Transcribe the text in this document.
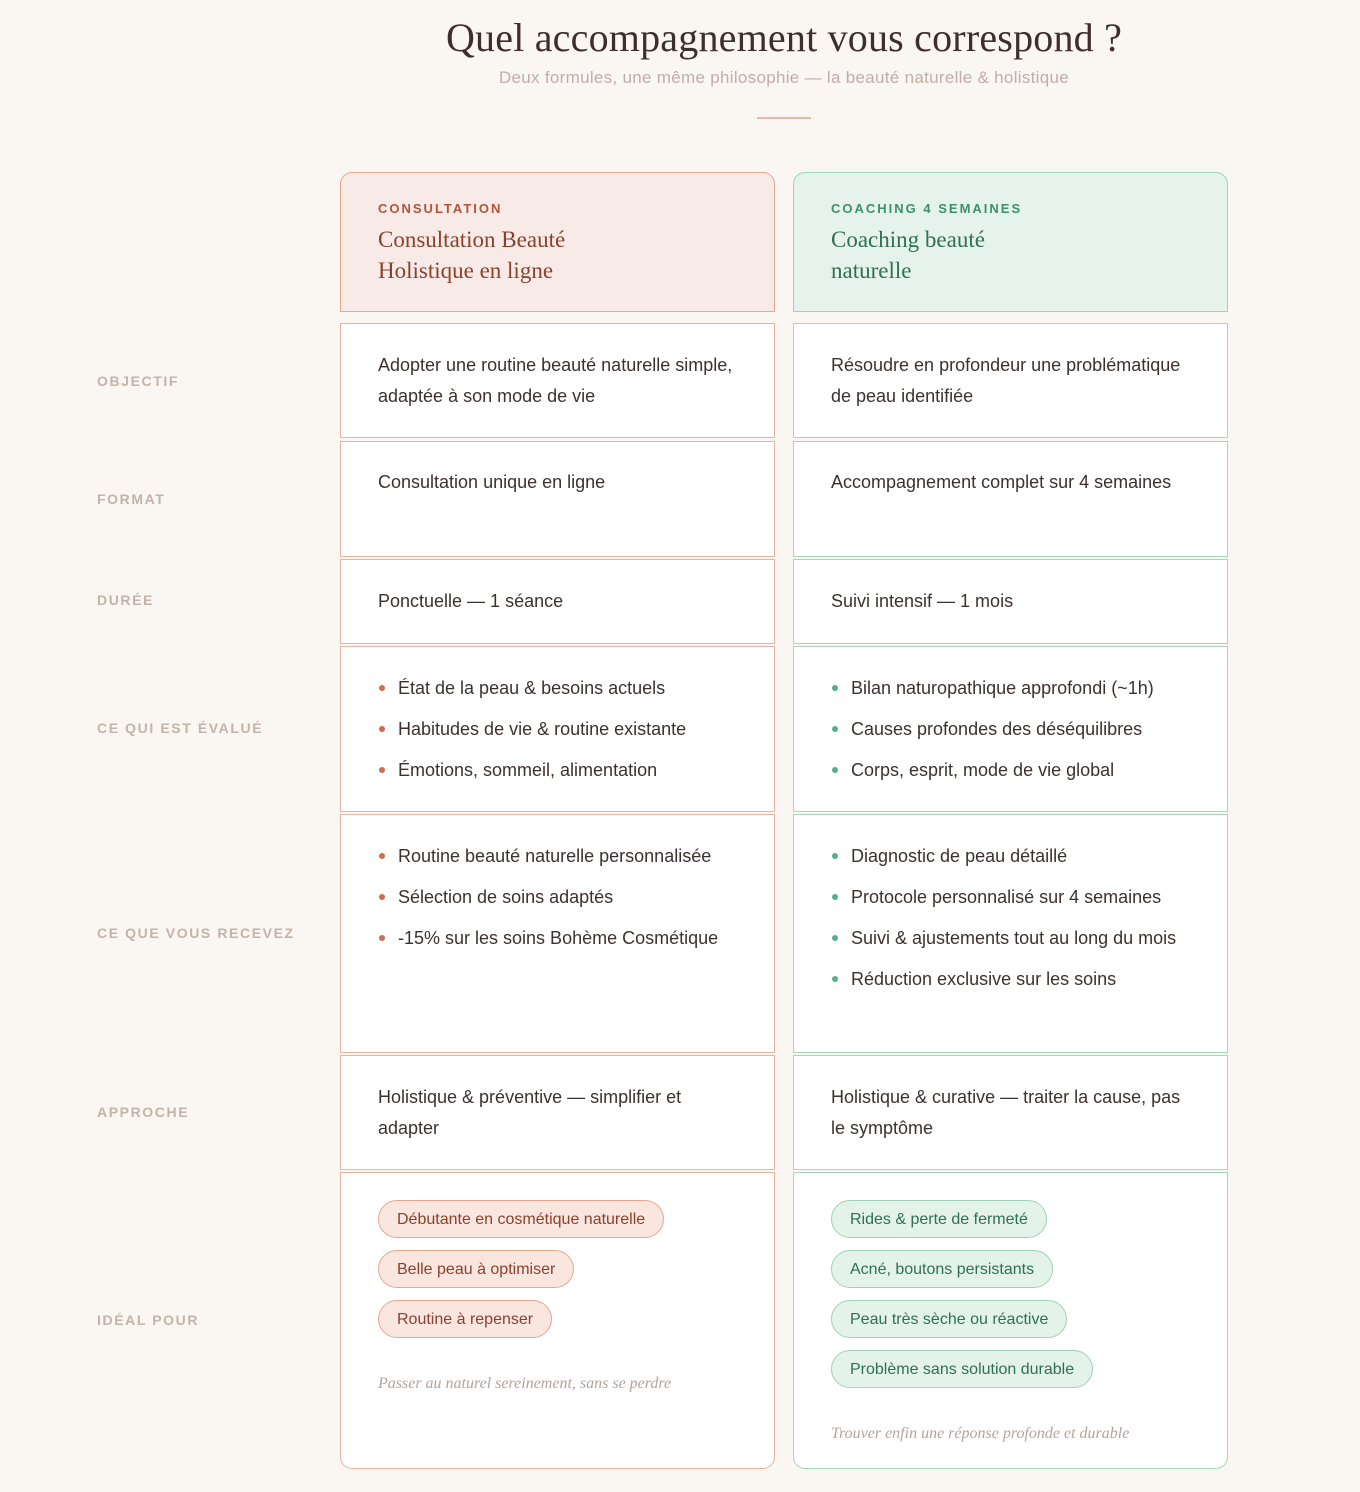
Quel accompagnement vous correspond ?
Deux formules, une même philosophie — la beauté naturelle & holistique
OBJECTIF
FORMAT
DURÉE
CE QUI EST ÉVALUÉ
CE QUE VOUS RECEVEZ
APPROCHE
IDÉAL POUR
CONSULTATION
Consultation Beauté Holistique en ligne
COACHING 4 SEMAINES
Coaching beauté naturelle
Adopter une routine beauté naturelle simple, adaptée à son mode de vie
Résoudre en profondeur une problématique de peau identifiée
Consultation unique en ligne	Accompagnement complet sur 4 semaines
Ponctuelle — 1 séance	Suivi intensif — 1 mois
État de la peau & besoins actuels
Habitudes de vie & routine existante
Émotions, sommeil, alimentation
Bilan naturopathique approfondi (~1h)
Causes profondes des déséquilibres
Corps, esprit, mode de vie global
Routine beauté naturelle personnalisée
Sélection de soins adaptés
-15% sur les soins Bohème Cosmétique
Diagnostic de peau détaillé
Protocole personnalisé sur 4 semaines
Suivi & ajustements tout au long du mois
Réduction exclusive sur les soins
Holistique & préventive — simplifier et adapter
Holistique & curative — traiter la cause, pas le symptôme
Débutante en cosmétique naturelle
Belle peau à optimiser
Routine à repenser
Passer au naturel sereinement, sans se perdre
Rides & perte de fermeté
Acné, boutons persistants
Peau très sèche ou réactive
Problème sans solution durable
Trouver enfin une réponse profonde et durable
